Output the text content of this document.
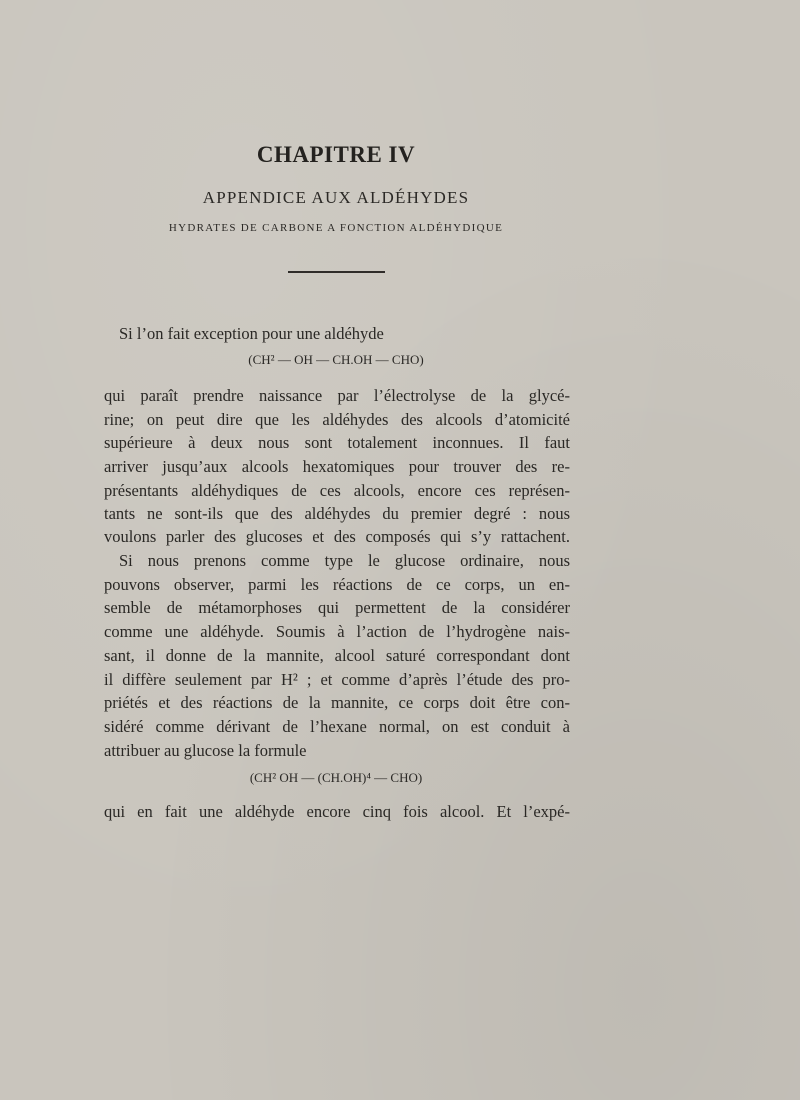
CHAPITRE IV
APPENDICE AUX ALDÉHYDES
HYDRATES DE CARBONE A FONCTION ALDÉHYDIQUE
Si l’on fait exception pour une aldéhyde
(CH² — OH — CH.OH — CHO)
qui paraît prendre naissance par l’électrolyse de la glycé-
rine; on peut dire que les aldéhydes des alcools d’atomicité
supérieure à deux nous sont totalement inconnues. Il faut
arriver jusqu’aux alcools hexatomiques pour trouver des re-
présentants aldéhydiques de ces alcools, encore ces représen-
tants ne sont-ils que des aldéhydes du premier degré : nous
voulons parler des glucoses et des composés qui s’y rattachent.
Si nous prenons comme type le glucose ordinaire, nous
pouvons observer, parmi les réactions de ce corps, un en-
semble de métamorphoses qui permettent de la considérer
comme une aldéhyde. Soumis à l’action de l’hydrogène nais-
sant, il donne de la mannite, alcool saturé correspondant dont
il diffère seulement par H² ; et comme d’après l’étude des pro-
priétés et des réactions de la mannite, ce corps doit être con-
sidéré comme dérivant de l’hexane normal, on est conduit à
attribuer au glucose la formule
(CH² OH — (CH.OH)⁴ — CHO)
qui en fait une aldéhyde encore cinq fois alcool. Et l’expé-
